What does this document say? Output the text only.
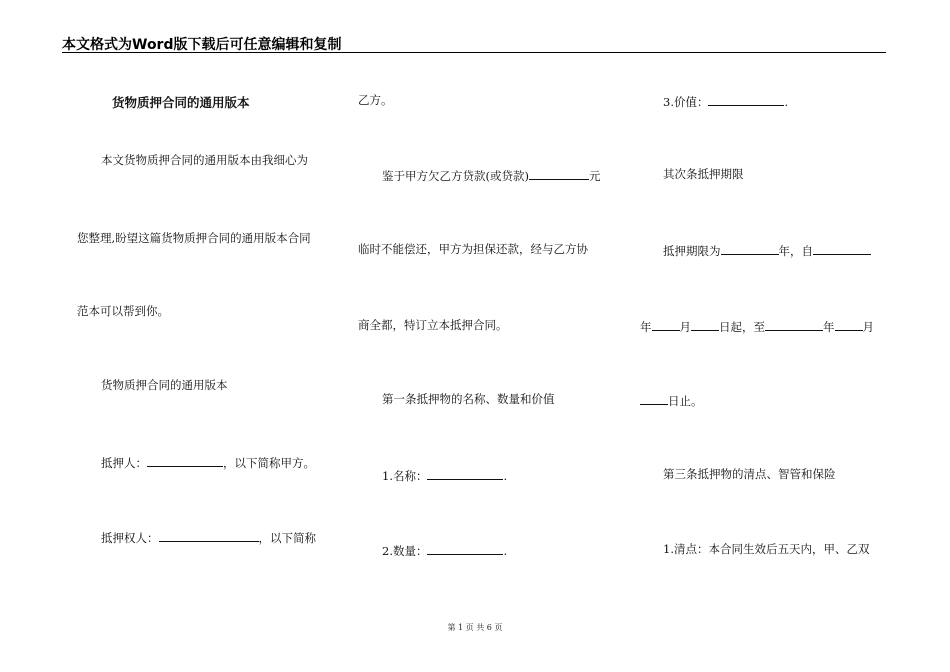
本文格式为Word版下载后可任意编辑和复制
货物质押合同的通用版本
本文货物质押合同的通用版本由我细心为
您整理,盼望这篇货物质押合同的通用版本合同
范本可以帮到你。
货物质押合同的通用版本
抵押人：	，以下简称甲方。
抵押权人：	，以下简称
乙方。
鉴于甲方欠乙方贷款(或贷款)	元
临时不能偿还，甲方为担保还款，经与乙方协
商全都，特订立本抵押合同。
第一条抵押物的名称、数量和价值
1.名称：	.
2.数量：	.
3.价值：	.
其次条抵押期限
抵押期限为	年，自
年 月 日起，至	年 月
日止。
第三条抵押物的清点、智管和保险
1.清点：本合同生效后五天内，甲、乙双
第 1 页 共 6 页
